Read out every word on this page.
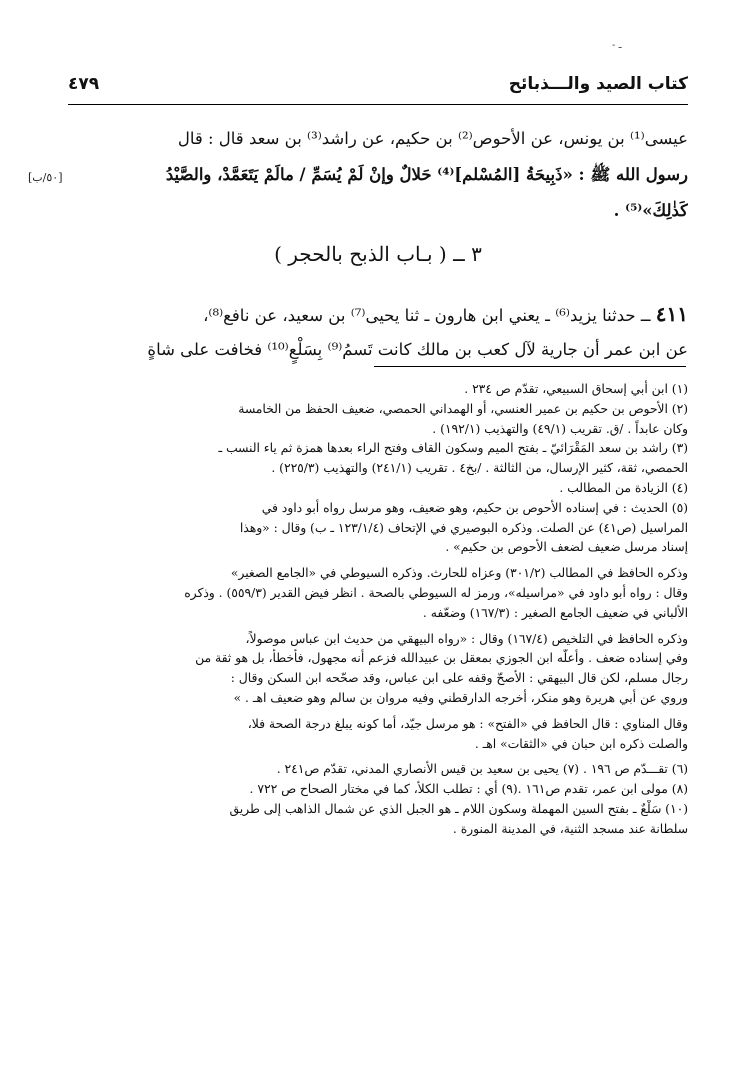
- ـ
كتاب الصيد والـــذبائح
٤٧٩
عيسى⁽¹⁾ بن يونس، عن الأحوص⁽²⁾ بن حكيم، عن راشد⁽³⁾ بن سعد قال : قال
رسول الله ﷺ : «ذَبِيحَةُ [المُسْلم]⁽⁴⁾ حَلالٌ وإنْ لَمْ يُسَمِّ / مالَمْ يَتَعَمَّدْ، والصَّيْدُ
كَذٰلِكَ»⁽⁵⁾ .
[٥٠/ب]
٣ ــ ( بـاب الذبح بالحجر )
٤١١ ــ حدثنا يزيد⁽⁶⁾ ـ يعني ابن هارون ـ ثنا يحيى⁽⁷⁾ بن سعيد، عن نافع⁽⁸⁾،
عن ابن عمر أن جارية لآل كعب بن مالك كانت تَسمُ⁽⁹⁾ بِسَلْعٍ⁽¹⁰⁾ فخافت على شاةٍ
(١) ابن أبي إسحاق السبيعي، تقدّم ص ٢٣٤ .
(٢) الأحوص بن حكيم بن عمير العنسي، أو الهمداني الحمصي، ضعيف الحفظ من الخامسة
وكان عابداً . /ق. تقريب (٤٩/١) والتهذيب (١٩٢/١) .
(٣) راشد بن سعد المَقْرَائيّ ـ بفتح الميم وسكون القاف وفتح الراء بعدها همزة ثم ياء النسب ـ
الحمصي، ثقة، كثير الإرسال، من الثالثة . /بخ٤ . تقريب (٢٤١/١) والتهذيب (٢٢٥/٣) .
(٤) الزيادة من المطالب .
(٥) الحديث : في إسناده الأحوص بن حكيم، وهو ضعيف، وهو مرسل رواه أبو داود في
المراسيل (ص٤١) عن الصلت. وذكره البوصيري في الإتحاف (١٢٣/١/٤ ـ ب) وقال : «وهذا
إسناد مرسل ضعيف لضعف الأحوص بن حكيم» .
وذكره الحافظ في المطالب (٣٠١/٢) وعزاه للحارث. وذكره السيوطي في «الجامع الصغير»
وقال : رواه أبو داود في «مراسيله»، ورمز له السيوطي بالصحة . انظر فيض القدير (٥٥٩/٣) . وذكره
الألباني في ضعيف الجامع الصغير : (١٦٧/٣) وضعّفه .
وذكره الحافظ في التلخيص (١٦٧/٤) وقال : «رواه البيهقي من حديث ابن عباس موصولاً،
وفي إسناده ضعف . وأعلّه ابن الجوزي بمعقل بن عبيدالله فزعم أنه مجهول، فأخطأ، بل هو ثقة من
رجال مسلم، لكن قال البيهقي : الأصحّ وقفه على ابن عباس، وقد صحّحه ابن السكن وقال :
وروي عن أبي هريرة وهو منكر، أخرجه الدارقطني وفيه مروان بن سالم وهو ضعيف اهـ . »
وقال المناوي : قال الحافظ في «الفتح» : هو مرسل جيّد، أما كونه يبلغ درجة الصحة فلا،
والصلت ذكره ابن حبان في «الثقات» اهـ .
(٦) تقـــدّم ص ١٩٦ . (٧) يحيى بن سعيد بن قيس الأنصاري المدني، تقدّم ص٢٤١ .
(٨) مولى ابن عمر، تقدم ص١٦١ .(٩) أي : تطلب الكلأ، كما في مختار الصحاح ص ٧٢٢ .
(١٠) سَلْعٌ ـ بفتح السين المهملة وسكون اللام ـ هو الجبل الذي عن شمال الذاهب إلى طريق
سلطانة عند مسجد الثنية، في المدينة المنورة .
